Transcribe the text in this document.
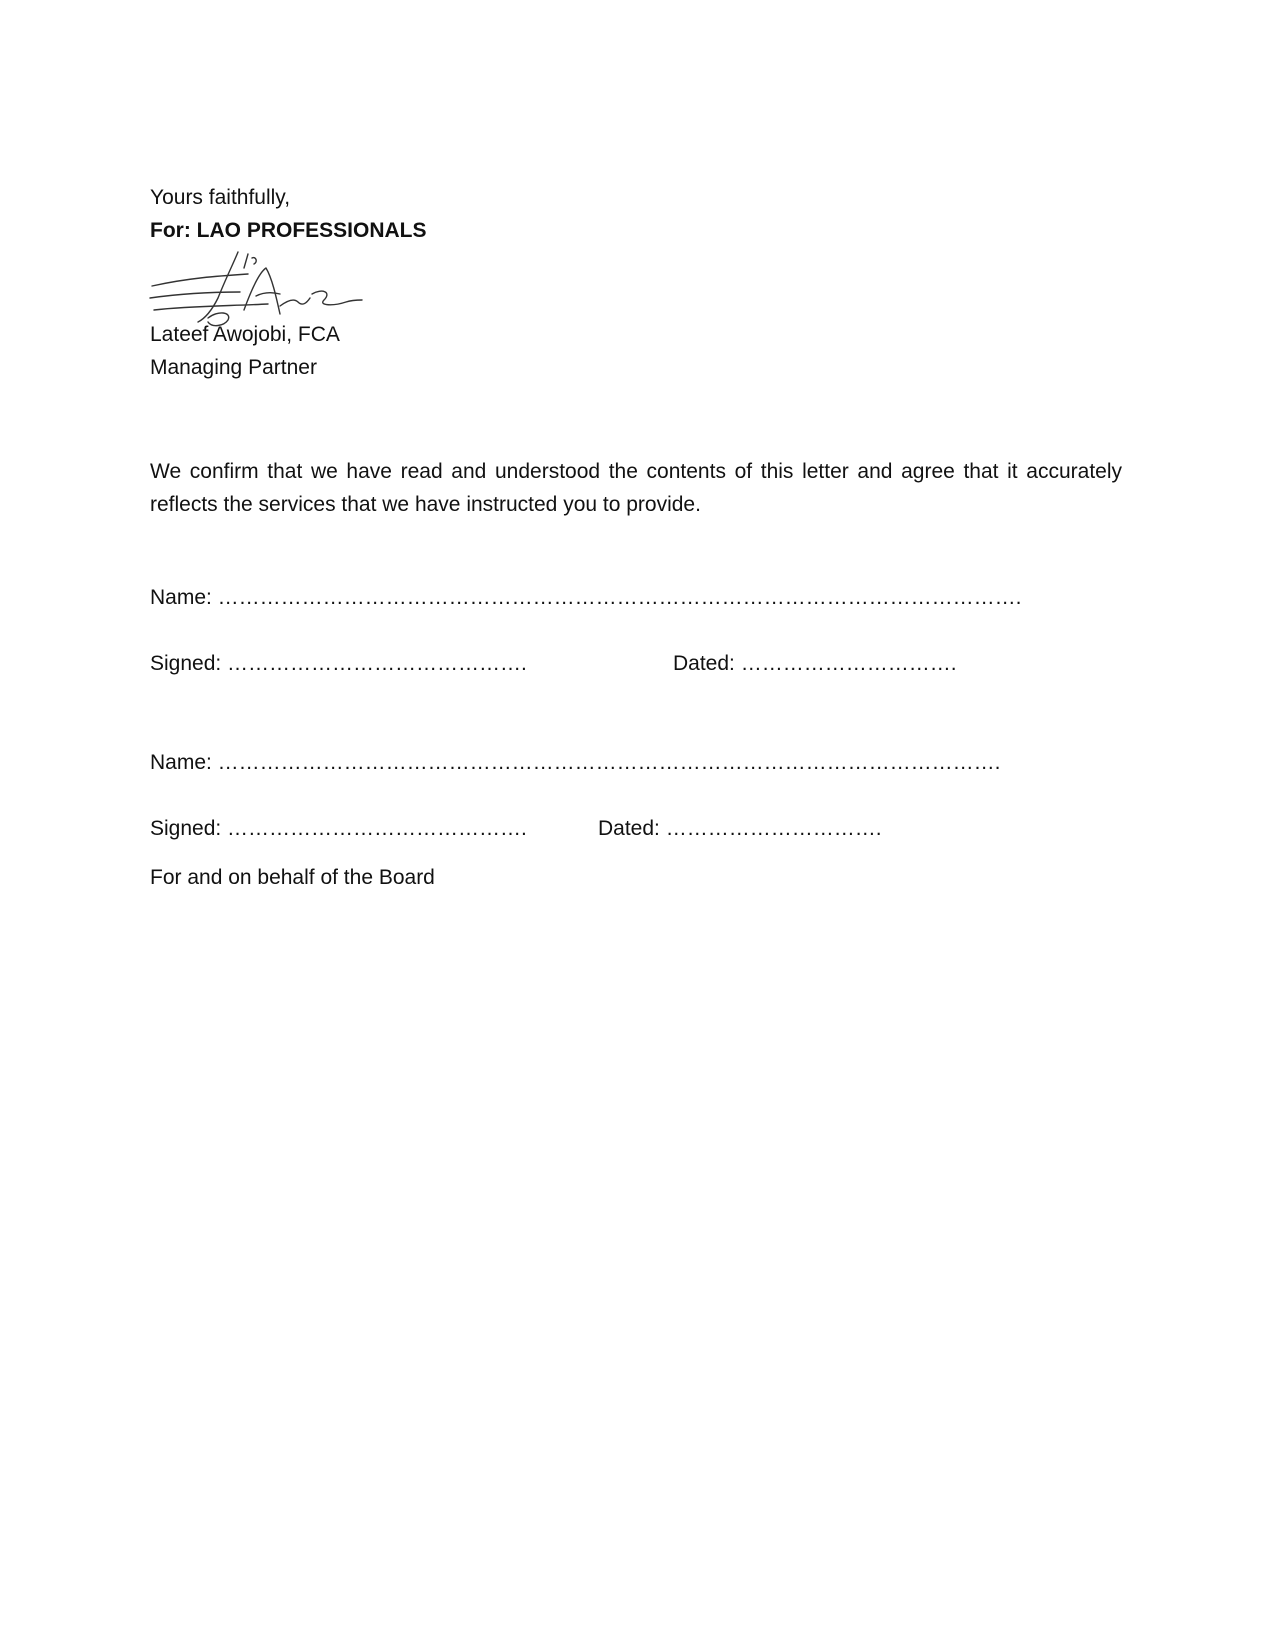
Yours faithfully,
For: LAO PROFESSIONALS
Lateef Awojobi, FCA
Managing Partner
We confirm that we have read and understood the contents of this letter and agree that it accurately reflects the services that we have instructed you to provide.
Name: …………………………………………………………………………………………………….
Signed: …………………………………….	Dated: ………………………….
Name: ………………………………………………………………………………………………….
Signed: …………………………………….	Dated: ………………………….
For and on behalf of the Board
